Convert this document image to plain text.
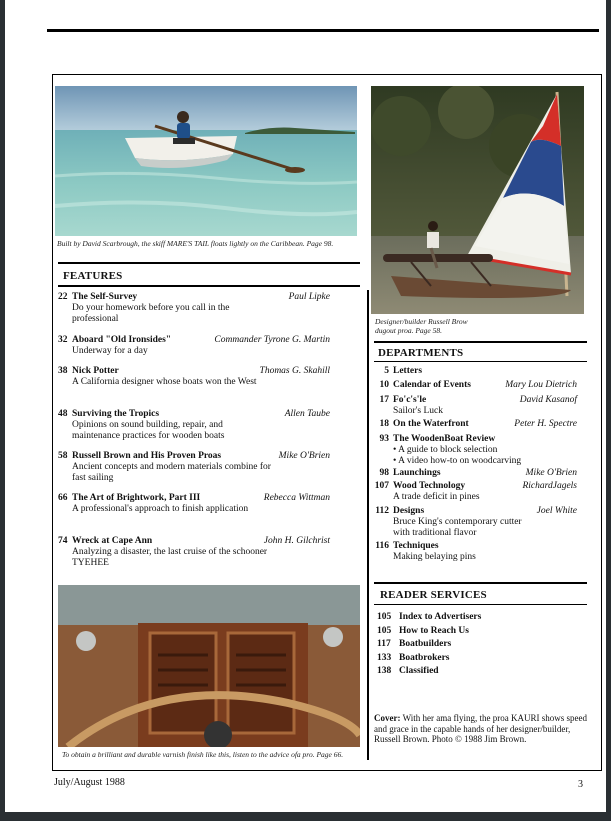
Built by David Scarbrough, the skiff MARE'S TAIL floats lightly on the Caribbean. Page 98.
Designer/builder Russell Brow dugout proa. Page 58.
FEATURES
22 The Self-Survey	Paul Lipke
Do your homework before you call in the professional
32 Aboard "Old Ironsides"	Commander Tyrone G. Martin
Underway for a day
38 Nick Potter	Thomas G. Skahill
A California designer whose boats won the West
48 Surviving the Tropics	Allen Taube
Opinions on sound building, repair, and maintenance practices for wooden boats
58 Russell Brown and His Proven Proas	Mike O'Brien
Ancient concepts and modern materials combine for fast sailing
66 The Art of Brightwork, Part III	Rebecca Wittman
A professional's approach to finish application
74 Wreck at Cape Ann	John H. Gilchrist
Analyzing a disaster, the last cruise of the schooner TYEHEE
To obtain a brilliant and durable varnish finish like this, listen to the advice ofa pro. Page 66.
DEPARTMENTS
5 Letters
10 Calendar of Events	Mary Lou Dietrich
17 Fo'c's'le	David Kasanof
Sailor's Luck
18 On the Waterfront	Peter H. Spectre
93 The WoodenBoat Review
• A guide to block selection
• A video how-to on woodcarving
98 Launchings	Mike O'Brien
107 Wood Technology	RichardJagels
A trade deficit in pines
112 Designs	Joel White
Bruce King's contemporary cutter
with traditional flavor
116 Techniques
Making belaying pins
READER SERVICES
105 Index to Advertisers
105 How to Reach Us
117 Boatbuilders
133 Boatbrokers
138 Classified
Cover: With her ama flying, the proa KAURI shows speed and grace in the capable hands of her designer/builder, Russell Brown. Photo © 1988 Jim Brown.
July/August 1988	3
